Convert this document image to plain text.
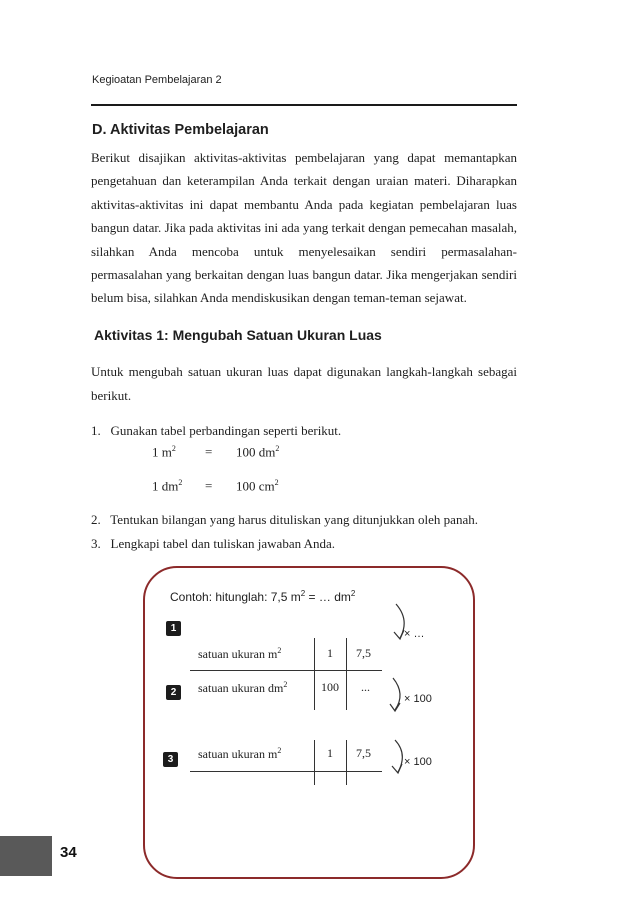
Kegioatan Pembelajaran 2
D. Aktivitas Pembelajaran
Berikut disajikan aktivitas-aktivitas pembelajaran yang dapat memantapkan pengetahuan dan keterampilan Anda terkait dengan uraian materi. Diharapkan aktivitas-aktivitas ini dapat membantu Anda pada kegiatan pembelajaran luas bangun datar. Jika pada aktivitas ini ada yang terkait dengan pemecahan masalah, silahkan Anda mencoba untuk menyelesaikan sendiri permasalahan-permasalahan yang berkaitan dengan luas bangun datar. Jika mengerjakan sendiri belum bisa, silahkan Anda mendiskusikan dengan teman-teman sejawat.
Aktivitas 1: Mengubah Satuan Ukuran Luas
Untuk mengubah satuan ukuran luas dapat digunakan langkah-langkah sebagai berikut.
1. Gunakan tabel perbandingan seperti berikut.
1 $m^2 = 100$ $dm^2$
1 $dm^2 = 100$ $cm^2$
2. Tentukan bilangan yang harus dituliskan yang ditunjukkan oleh panah.
3. Lengkapi tabel dan tuliskan jawaban Anda.
Contoh: hitunglah: 7,5 $m^2$ = … $dm^2$
1
2
3
satuan ukuran $m^2$	1 7,5
satuan ukuran $dm^2$	100 ...
satuan ukuran $m^2$	1 7,5
× …
× 100
× 100
34
